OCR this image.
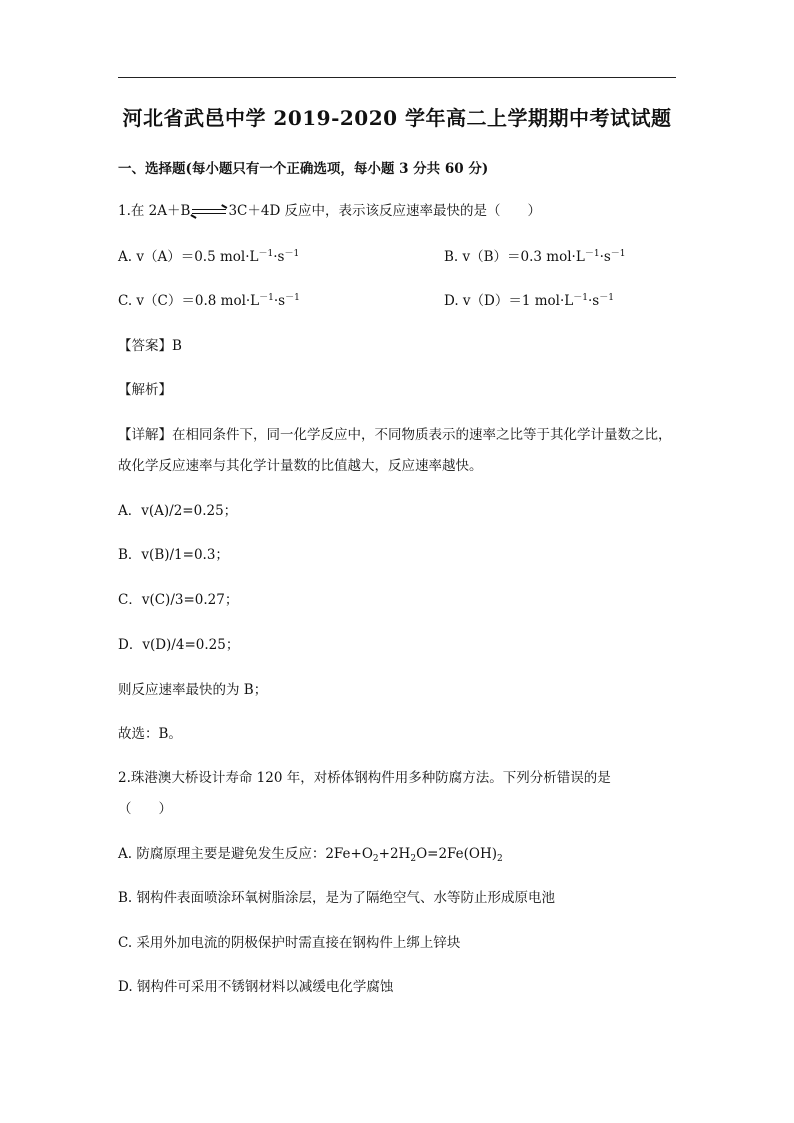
河北省武邑中学 2019-2020 学年高二上学期期中考试试题
一、选择题(每小题只有一个正确选项，每小题 3 分共 60 分)
1.在 2A＋B	3C＋4D 反应中，表示该反应速率最快的是（　　）
A. v（A）＝0.5 $mol\cdot L^{-1}\cdot s^{-1}$	B. v（B）＝0.3 $mol\cdot L^{-1}\cdot s^{-1}$
C. v（C）＝0.8 $mol\cdot L^{-1}\cdot s^{-1}$	D. v（D）＝1 $mol\cdot L^{-1}\cdot s^{-1}$
【答案】B
【解析】
【详解】在相同条件下，同一化学反应中，不同物质表示的速率之比等于其化学计量数之比，
故化学反应速率与其化学计量数的比值越大，反应速率越快。
A．v(A)/2=0.25；
B．v(B)/1=0.3；
C．v(C)/3=0.27；
D．v(D)/4=0.25；
则反应速率最快的为 B；
故选：B。
2.珠港澳大桥设计寿命 120 年，对桥体钢构件用多种防腐方法。下列分析错误的是
（　　）
A. 防腐原理主要是避免发生反应：$2Fe+O_2+2H_2O=2Fe(OH)_2$
B. 钢构件表面喷涂环氧树脂涂层，是为了隔绝空气、水等防止形成原电池
C. 采用外加电流的阴极保护时需直接在钢构件上绑上锌块
D. 钢构件可采用不锈钢材料以减缓电化学腐蚀
